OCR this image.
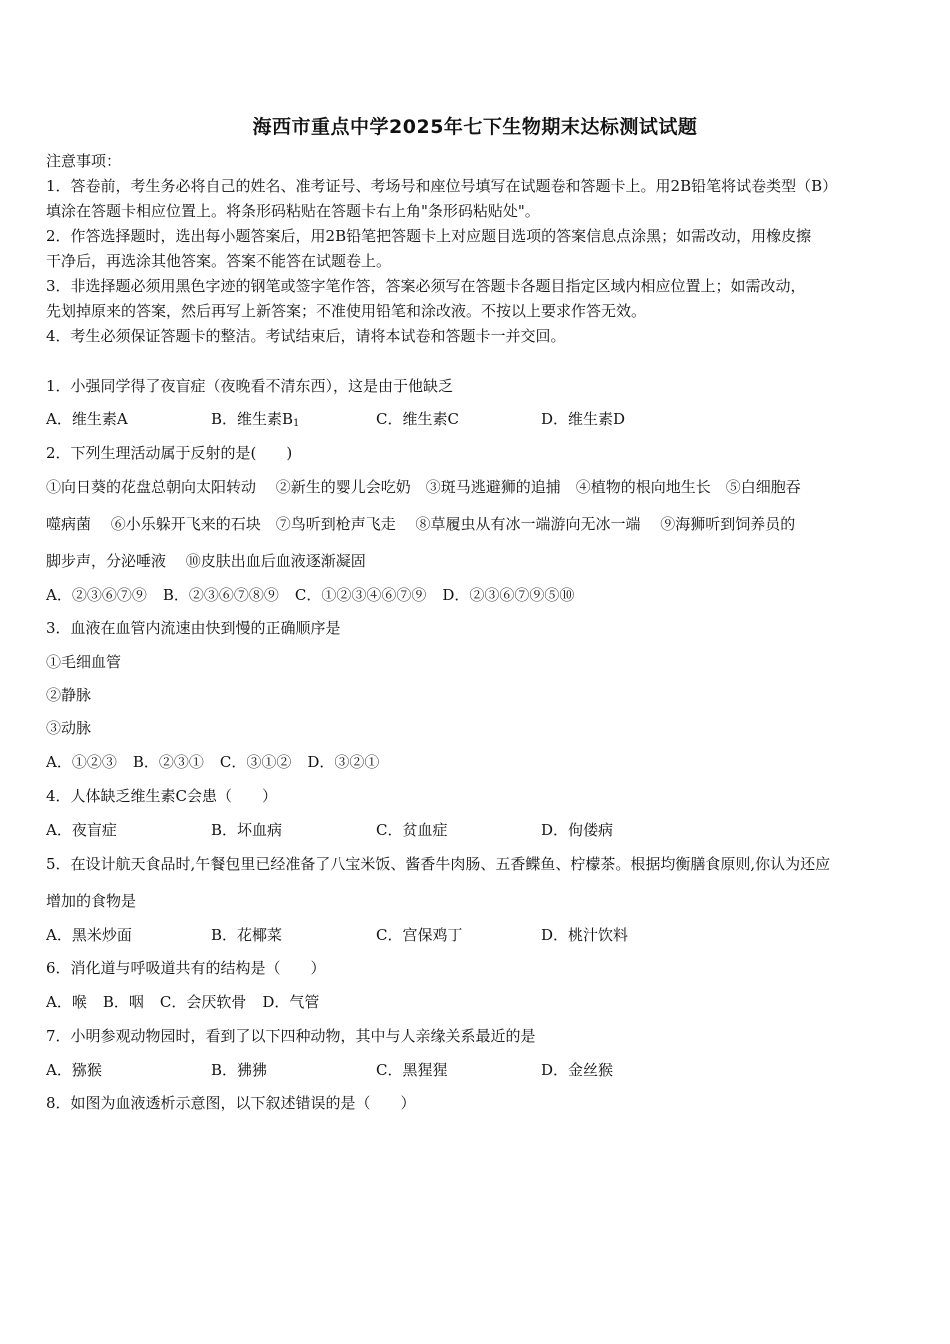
海西市重点中学2025年七下生物期末达标测试试题
注意事项：
1．答卷前，考生务必将自己的姓名、准考证号、考场号和座位号填写在试题卷和答题卡上。用2B铅笔将试卷类型（B）
填涂在答题卡相应位置上。将条形码粘贴在答题卡右上角"条形码粘贴处"。
2．作答选择题时，选出每小题答案后，用2B铅笔把答题卡上对应题目选项的答案信息点涂黑；如需改动，用橡皮擦
干净后，再选涂其他答案。答案不能答在试题卷上。
3．非选择题必须用黑色字迹的钢笔或签字笔作答，答案必须写在答题卡各题目指定区域内相应位置上；如需改动，
先划掉原来的答案，然后再写上新答案；不准使用铅笔和涂改液。不按以上要求作答无效。
4．考生必须保证答题卡的整洁。考试结束后，请将本试卷和答题卡一并交回。
1．小强同学得了夜盲症（夜晚看不清东西），这是由于他缺乏
A．维生素A	B．维生素$B_1$	C．维生素C	D．维生素D
2．下列生理活动属于反射的是(　　)
①向日葵的花盘总朝向太阳转动　 ②新生的婴儿会吃奶　③斑马逃避狮的追捕　④植物的根向地生长　⑤白细胞吞
噬病菌　 ⑥小乐躲开飞来的石块　⑦鸟听到枪声飞走　 ⑧草履虫从有冰一端游向无冰一端　 ⑨海狮听到饲养员的
脚步声，分泌唾液　 ⑩皮肤出血后血液逐渐凝固
A．②③⑥⑦⑨ B．②③⑥⑦⑧⑨ C．①②③④⑥⑦⑨ D．②③⑥⑦⑨⑤⑩
3．血液在血管内流速由快到慢的正确顺序是
①毛细血管
②静脉
③动脉
A．①②③ B．②③① C．③①② D．③②①
4．人体缺乏维生素C会患（　　）
A．夜盲症	B．坏血病	C．贫血症	D．佝偻病
5．在设计航天食品时,午餐包里已经准备了八宝米饭、酱香牛肉肠、五香鲽鱼、柠檬茶。根据均衡膳食原则,你认为还应
增加的食物是
A．黑米炒面	B．花椰菜	C．宫保鸡丁	D．桃汁饮料
6．消化道与呼吸道共有的结构是（　　）
A．喉 B．咽 C．会厌软骨 D．气管
7．小明参观动物园时，看到了以下四种动物，其中与人亲缘关系最近的是
A．猕猴	B．狒狒	C．黑猩猩	D．金丝猴
8．如图为血液透析示意图，以下叙述错误的是（　　）
